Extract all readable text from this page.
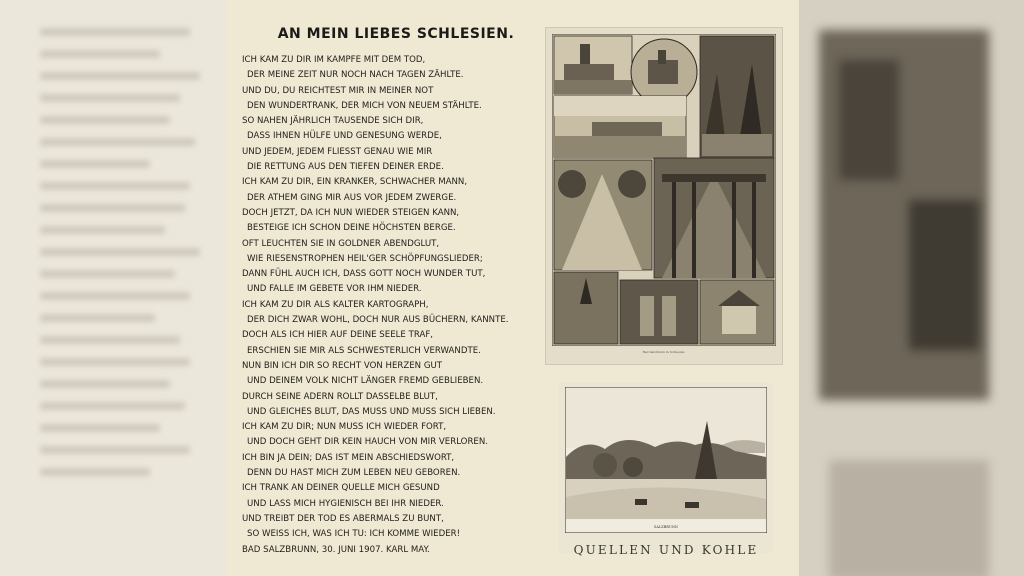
AN MEIN LIEBES SCHLESIEN.
ICH KAM ZU DIR IM KAMPFE MIT DEM TOD,
DER MEINE ZEIT NUR NOCH NACH TAGEN ZÄHLTE.
UND DU, DU REICHTEST MIR IN MEINER NOT
DEN WUNDERTRANK, DER MICH VON NEUEM STÄHLTE.
SO NAHEN JÄHRLICH TAUSENDE SICH DIR,
DASS IHNEN HÜLFE UND GENESUNG WERDE,
UND JEDEM, JEDEM FLIESST GENAU WIE MIR
DIE RETTUNG AUS DEN TIEFEN DEINER ERDE.
ICH KAM ZU DIR, EIN KRANKER, SCHWACHER MANN,
DER ATHEM GING MIR AUS VOR JEDEM ZWERGE.
DOCH JETZT, DA ICH NUN WIEDER STEIGEN KANN,
BESTEIGE ICH SCHON DEINE HÖCHSTEN BERGE.
OFT LEUCHTEN SIE IN GOLDNER ABENDGLUT,
WIE RIESENSTROPHEN HEIL'GER SCHÖPFUNGSLIEDER;
DANN FÜHL AUCH ICH, DASS GOTT NOCH WUNDER TUT,
UND FALLE IM GEBETE VOR IHM NIEDER.
ICH KAM ZU DIR ALS KALTER KARTOGRAPH,
DER DICH ZWAR WOHL, DOCH NUR AUS BÜCHERN, KANNTE.
DOCH ALS ICH HIER AUF DEINE SEELE TRAF,
ERSCHIEN SIE MIR ALS SCHWESTERLICH VERWANDTE.
NUN BIN ICH DIR SO RECHT VON HERZEN GUT
UND DEINEM VOLK NICHT LÄNGER FREMD GEBLIEBEN.
DURCH SEINE ADERN ROLLT DASSELBE BLUT,
UND GLEICHES BLUT, DAS MUSS UND MUSS SICH LIEBEN.
ICH KAM ZU DIR; NUN MUSS ICH WIEDER FORT,
UND DOCH GEHT DIR KEIN HAUCH VON MIR VERLOREN.
ICH BIN JA DEIN; DAS IST MEIN ABSCHIEDSWORT,
DENN DU HAST MICH ZUM LEBEN NEU GEBOREN.
ICH TRANK AN DEINER QUELLE MICH GESUND
UND LASS MICH HYGIENISCH BEI IHR NIEDER.
UND TREIBT DER TOD ES ABERMALS ZU BUNT,
SO WEISS ICH, WAS ICH TU: ICH KOMME WIEDER!
BAD SALZBRUNN, 30. JUNI 1907. KARL MAY.
Bad Salzbrunn in Schlesien.
SALZBRUNN
QUELLEN UND KOHLE
